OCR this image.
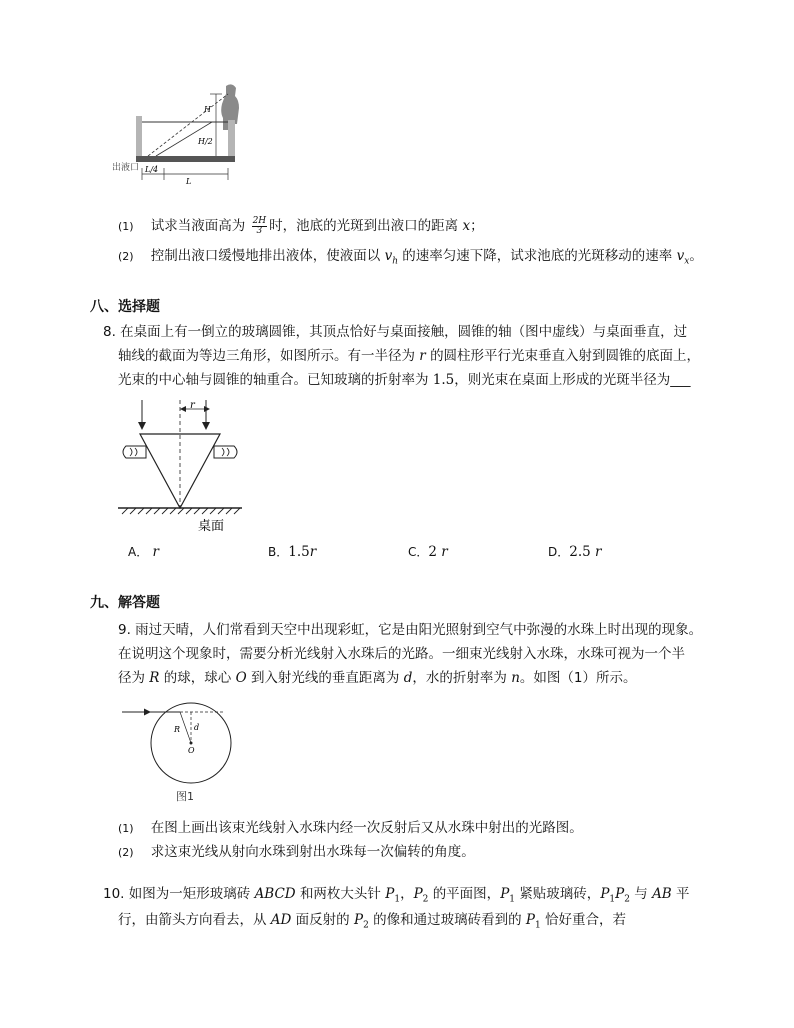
H
H/2
L/4
L
出液口
(1) 试求当液面高为 $\frac{2H}{3}$ 时，池底的光斑到出液口的距离 x；
(2) 控制出液口缓慢地排出液体，使液面以 $v_h$ 的速率匀速下降，试求池底的光斑移动的速率 $v_x$。
八、选择题
8. 在桌面上有一倒立的玻璃圆锥，其顶点恰好与桌面接触，圆锥的轴（图中虚线）与桌面垂直，过
轴线的截面为等边三角形，如图所示。有一半径为 r 的圆柱形平行光束垂直入射到圆锥的底面上，
光束的中心轴与圆锥的轴重合。已知玻璃的折射率为 1.5，则光束在桌面上形成的光斑半径为___
r
桌面
A． r	B．1.5r	C．2 r	D．2.5 r
九、解答题
9. 雨过天晴，人们常看到天空中出现彩虹，它是由阳光照射到空气中弥漫的水珠上时出现的现象。
在说明这个现象时，需要分析光线射入水珠后的光路。一细束光线射入水珠，水珠可视为一个半
径为 R 的球，球心 O 到入射光线的垂直距离为 d，水的折射率为 n。如图（1）所示。
d
R
O
图1
(1) 在图上画出该束光线射入水珠内经一次反射后又从水珠中射出的光路图。
(2) 求这束光线从射向水珠到射出水珠每一次偏转的角度。
10. 如图为一矩形玻璃砖 ABCD 和两枚大头针 $P_1$，$P_2$ 的平面图，$P_1$ 紧贴玻璃砖，$P_1P_2$ 与 AB 平
行，由箭头方向看去，从 AD 面反射的 $P_2$ 的像和通过玻璃砖看到的 $P_1$ 恰好重合，若
